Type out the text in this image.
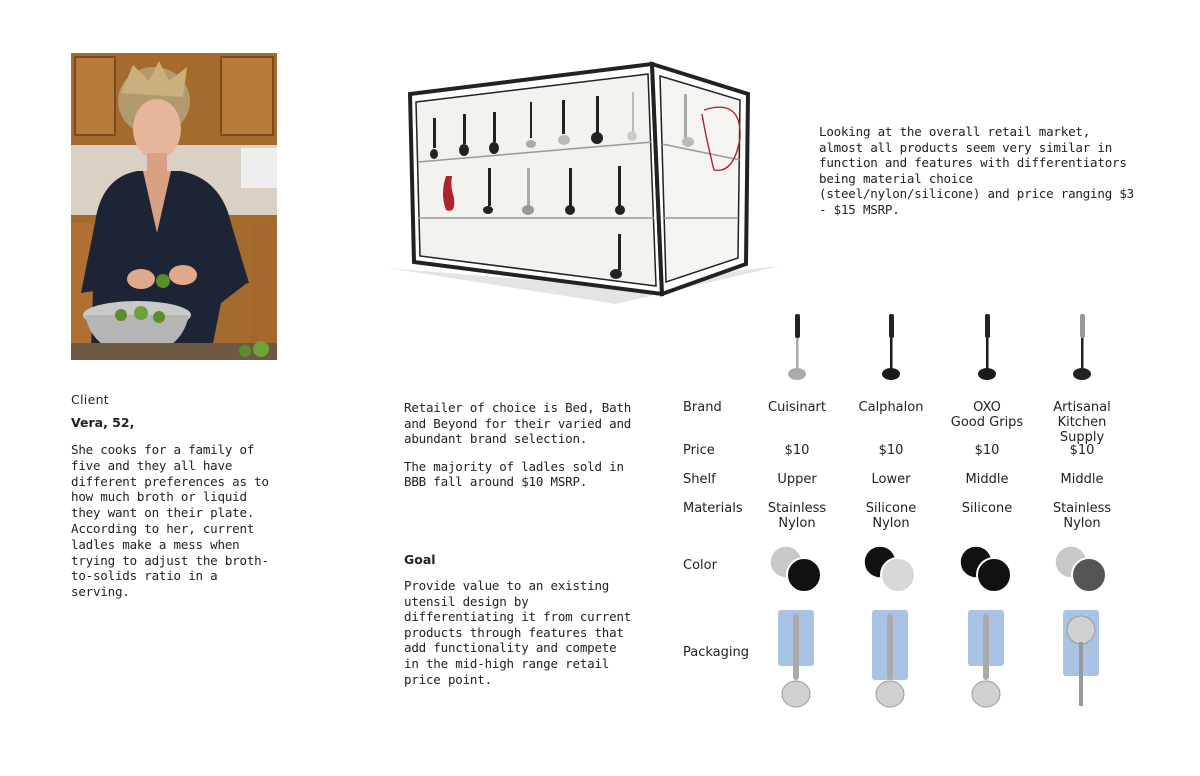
Client
Vera, 52,
She cooks for a family of five and they all have different preferences as to how much broth or liquid they want on their plate. According to her, current ladles make a mess when trying to adjust the broth-to-solids ratio in a serving.
Looking at the overall retail market, almost all products seem very similar in function and features with differentiators being material choice (steel/nylon/silicone) and price ranging $3 - $15 MSRP.

Retailer of choice is Bed, Bath and Beyond for their varied and abundant brand selection.

The majority of ladles sold in BBB fall around $10 MSRP.

Goal
Provide value to an existing utensil design by differentiating it from current products through features that add functionality and compete in the mid-high range retail price point.
Brand
Price
Shelf
Materials
Color
Packaging
Cuisinart
$10
Upper
Stainless
Nylon
Calphalon
$10
Lower
Silicone
Nylon
OXO
Good Grips
$10
Middle
Silicone
Artisanal
Kitchen Supply
$10
Middle
Stainless
Nylon
